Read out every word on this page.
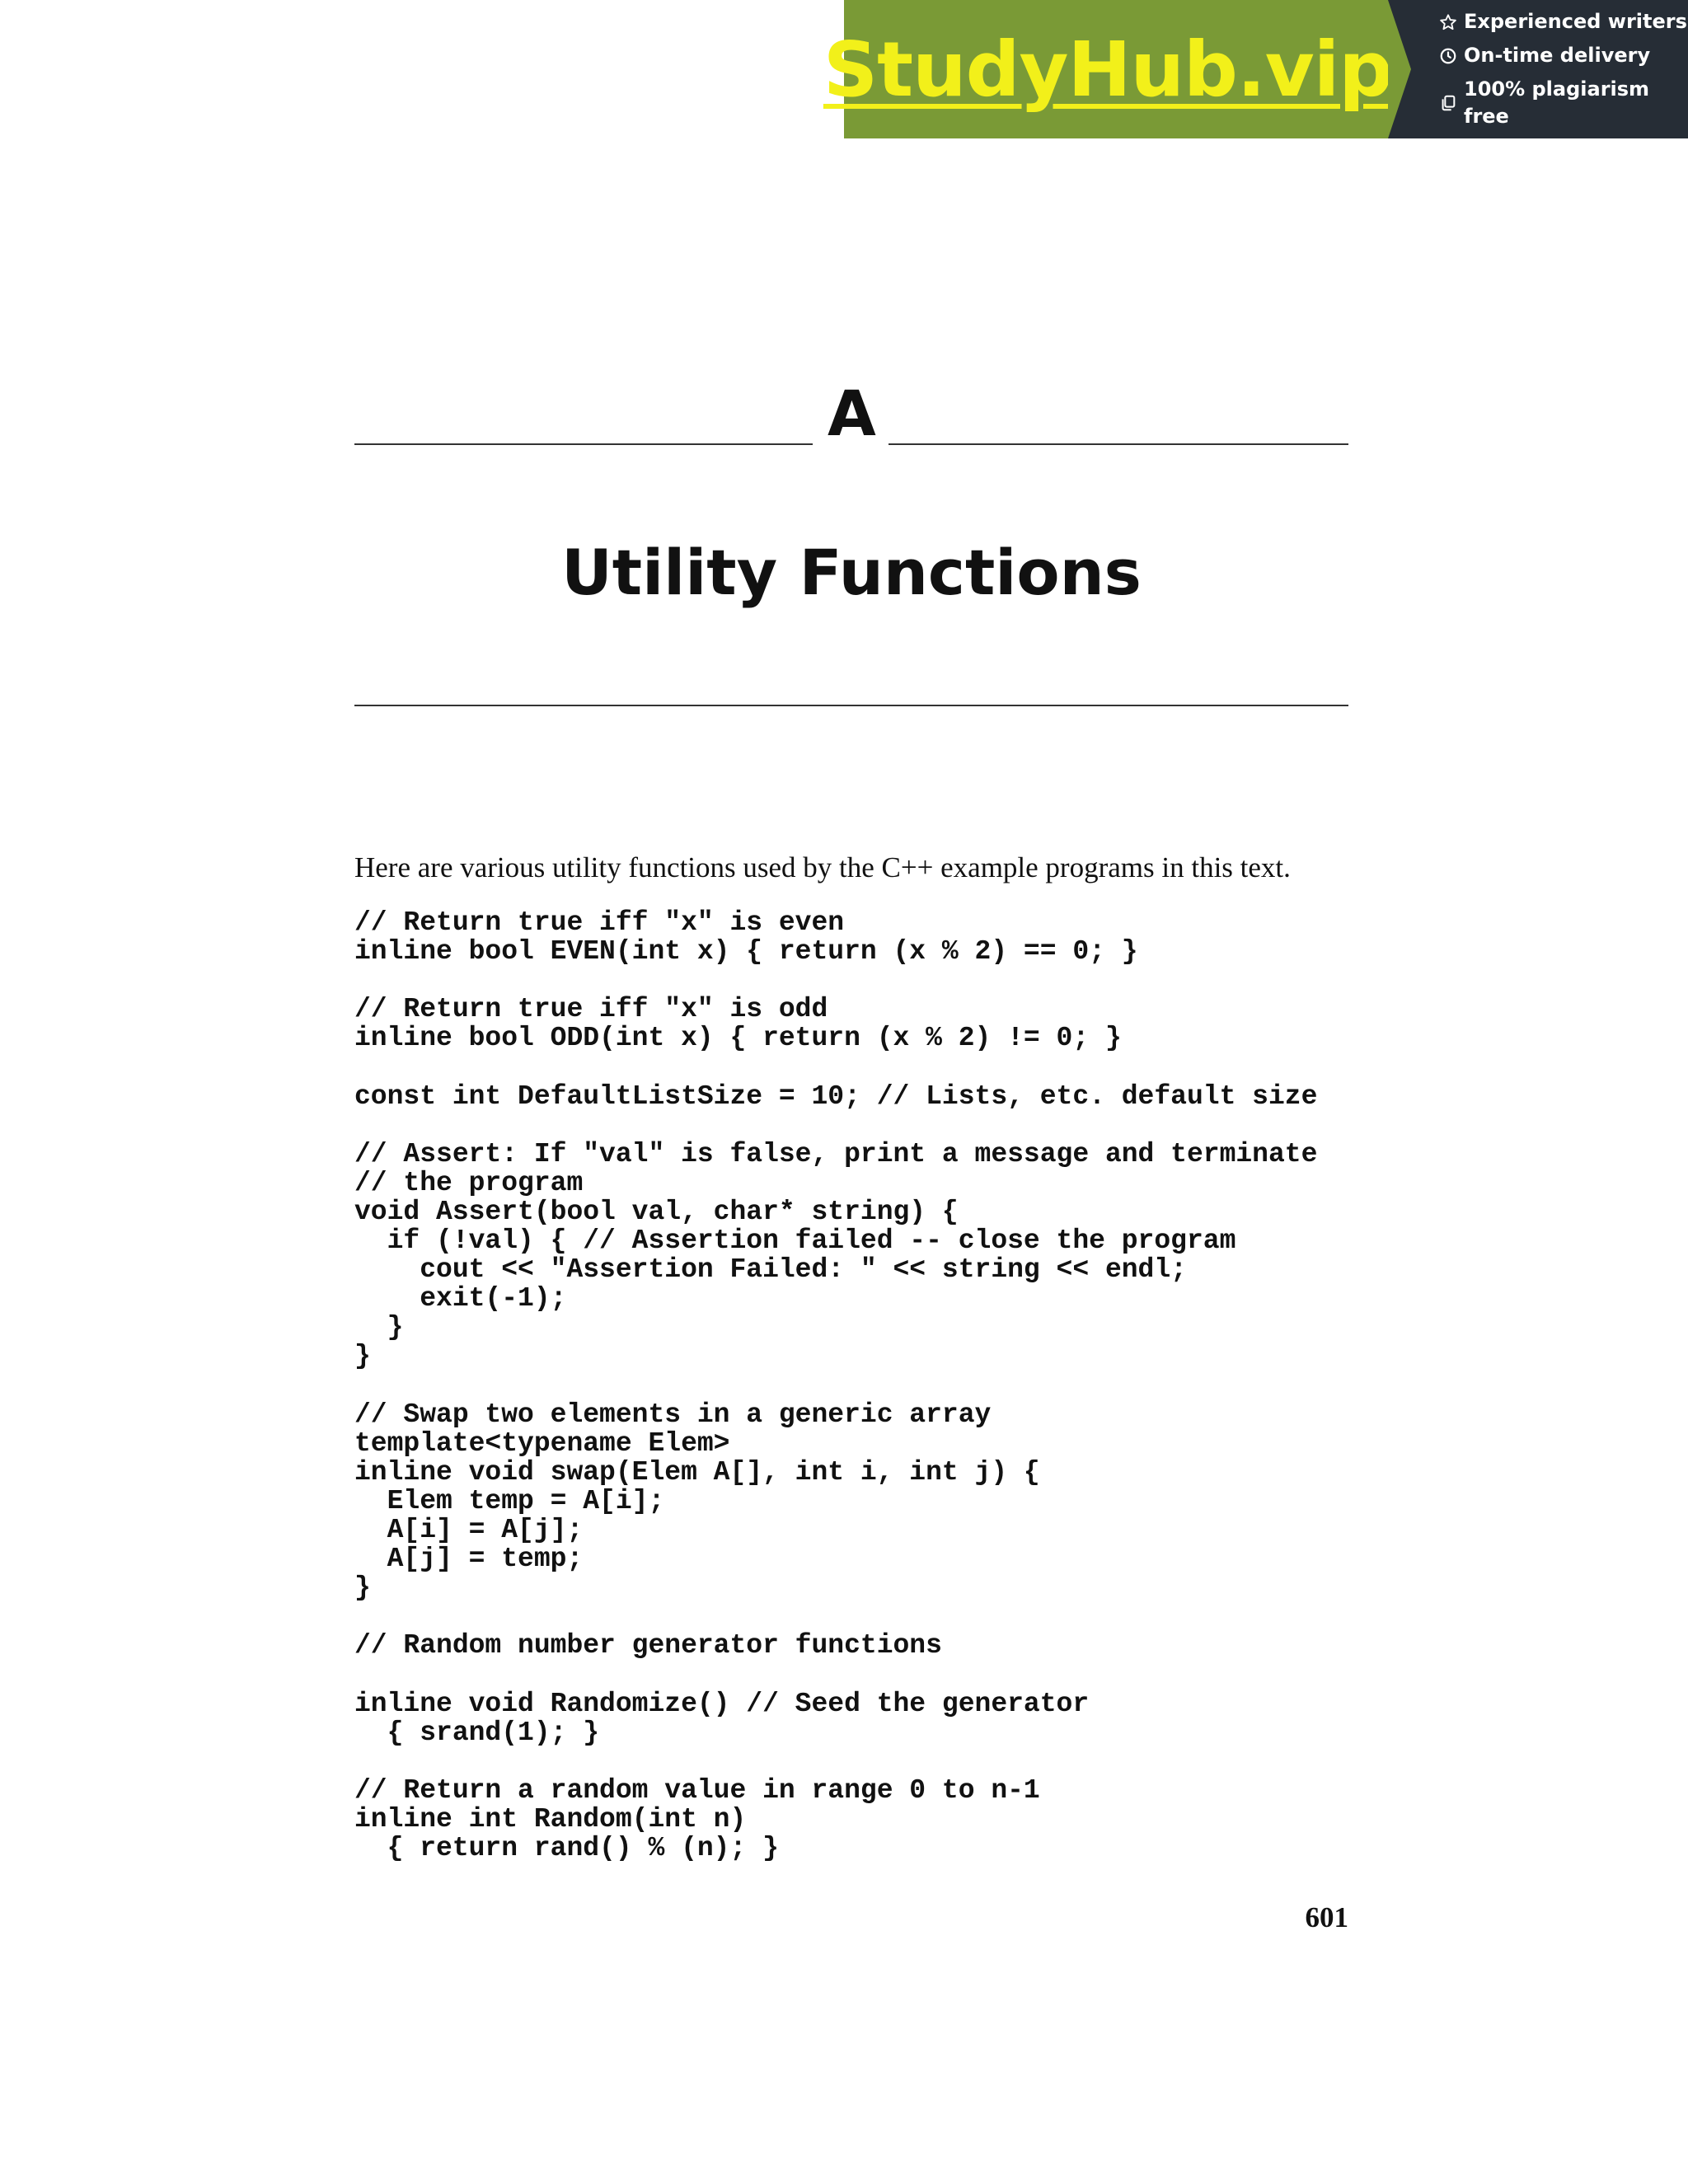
StudyHub.vip
Experienced writers
On-time delivery
100% plagiarism free
A
Utility Functions

Here are various utility functions used by the C++ example programs in this text.

// Return true iff "x" is even
inline bool EVEN(int x) { return (x % 2) == 0; }

// Return true iff "x" is odd
inline bool ODD(int x) { return (x % 2) != 0; }

const int DefaultListSize = 10; // Lists, etc. default size

// Assert: If "val" is false, print a message and terminate
// the program
void Assert(bool val, char* string) {
if (!val) { // Assertion failed -- close the program
cout << "Assertion Failed: " << string << endl;
exit(-1);
}
}

// Swap two elements in a generic array
template<typename Elem>
inline void swap(Elem A[], int i, int j) {
Elem temp = A[i];
A[i] = A[j];
A[j] = temp;
}

// Random number generator functions

inline void Randomize() // Seed the generator
{ srand(1); }

// Return a random value in range 0 to n-1
inline int Random(int n)
{ return rand() % (n); }
601
